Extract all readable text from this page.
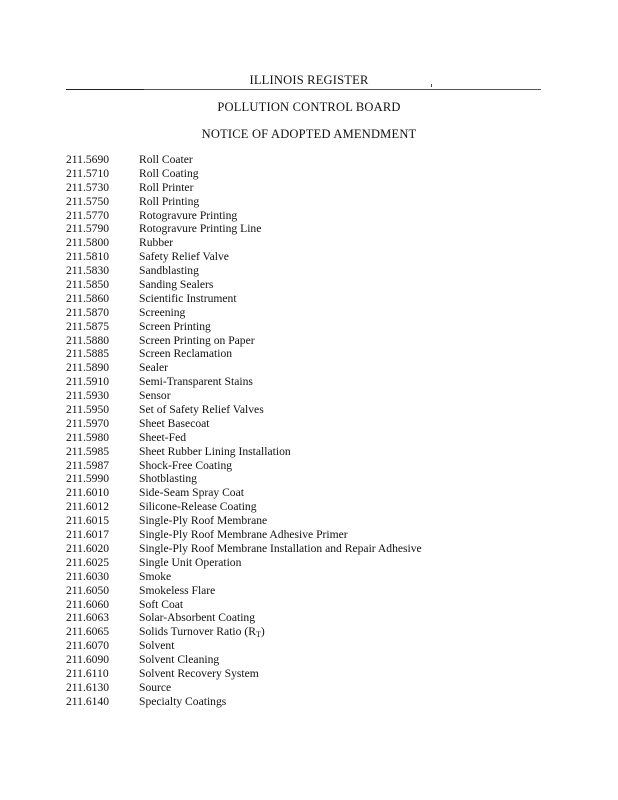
ILLINOIS REGISTER
POLLUTION CONTROL BOARD
NOTICE OF ADOPTED AMENDMENT
211.5690	Roll Coater
211.5710	Roll Coating
211.5730	Roll Printer
211.5750	Roll Printing
211.5770	Rotogravure Printing
211.5790	Rotogravure Printing Line
211.5800	Rubber
211.5810	Safety Relief Valve
211.5830	Sandblasting
211.5850	Sanding Sealers
211.5860	Scientific Instrument
211.5870	Screening
211.5875	Screen Printing
211.5880	Screen Printing on Paper
211.5885	Screen Reclamation
211.5890	Sealer
211.5910	Semi-Transparent Stains
211.5930	Sensor
211.5950	Set of Safety Relief Valves
211.5970	Sheet Basecoat
211.5980	Sheet-Fed
211.5985	Sheet Rubber Lining Installation
211.5987	Shock-Free Coating
211.5990	Shotblasting
211.6010	Side-Seam Spray Coat
211.6012	Silicone-Release Coating
211.6015	Single-Ply Roof Membrane
211.6017	Single-Ply Roof Membrane Adhesive Primer
211.6020	Single-Ply Roof Membrane Installation and Repair Adhesive
211.6025	Single Unit Operation
211.6030	Smoke
211.6050	Smokeless Flare
211.6060	Soft Coat
211.6063	Solar-Absorbent Coating
211.6065	Solids Turnover Ratio $(R_T)$
211.6070	Solvent
211.6090	Solvent Cleaning
211.6110	Solvent Recovery System
211.6130	Source
211.6140	Specialty Coatings
